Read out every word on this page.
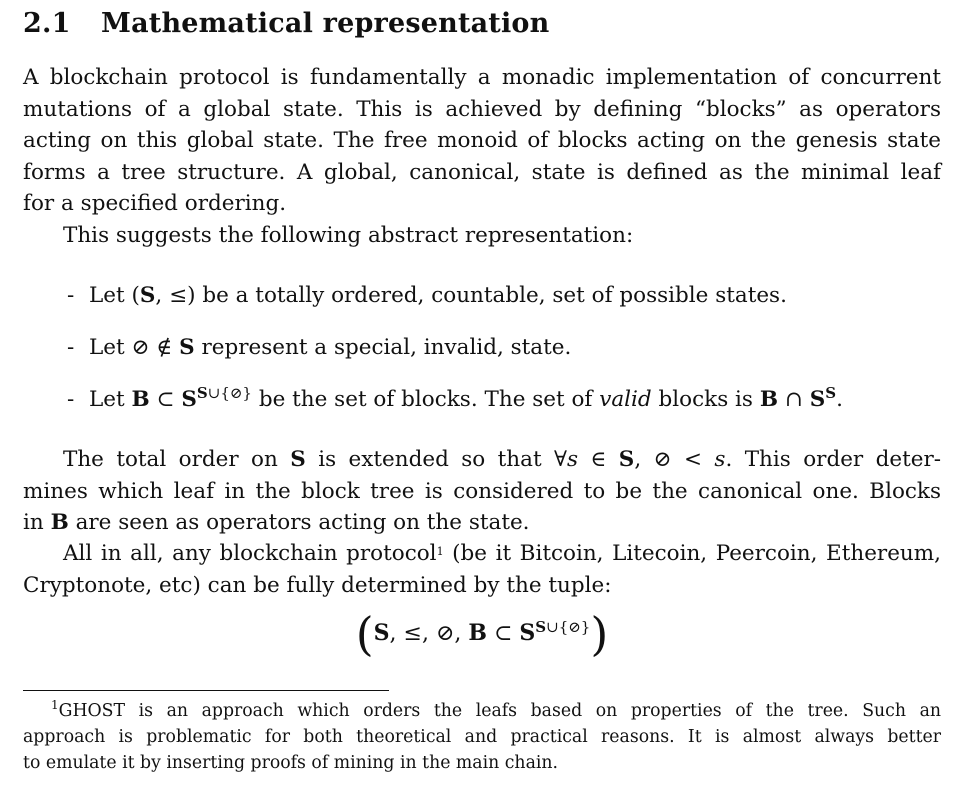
2.1 Mathematical representation

A blockchain protocol is fundamentally a monadic implementation of concurrent
mutations of a global state. This is achieved by defining “blocks” as operators
acting on this global state. The free monoid of blocks acting on the genesis state
forms a tree structure. A global, canonical, state is defined as the minimal leaf
for a specified ordering.

This suggests the following abstract representation:

- Let (S, ≤) be a totally ordered, countable, set of possible states.
- Let ⊘ ∉ S represent a special, invalid, state.
- Let B ⊂ $S^{S\cup\{⊘\}}$ be the set of blocks. The set of valid blocks is B ∩ $S^S$.

The total order on S is extended so that ∀s ∈ S, ⊘ < s. This order deter-
mines which leaf in the block tree is considered to be the canonical one. Blocks
in B are seen as operators acting on the state.

All in all, any blockchain protocol$^1$ (be it Bitcoin, Litecoin, Peercoin, Ethereum,
Cryptonote, etc) can be fully determined by the tuple:

(S, ≤, ⊘, B ⊂ $S^{S\cup\{⊘\}}$)

$^1$GHOST is an approach which orders the leafs based on properties of the tree. Such an
approach is problematic for both theoretical and practical reasons. It is almost always better
to emulate it by inserting proofs of mining in the main chain.
